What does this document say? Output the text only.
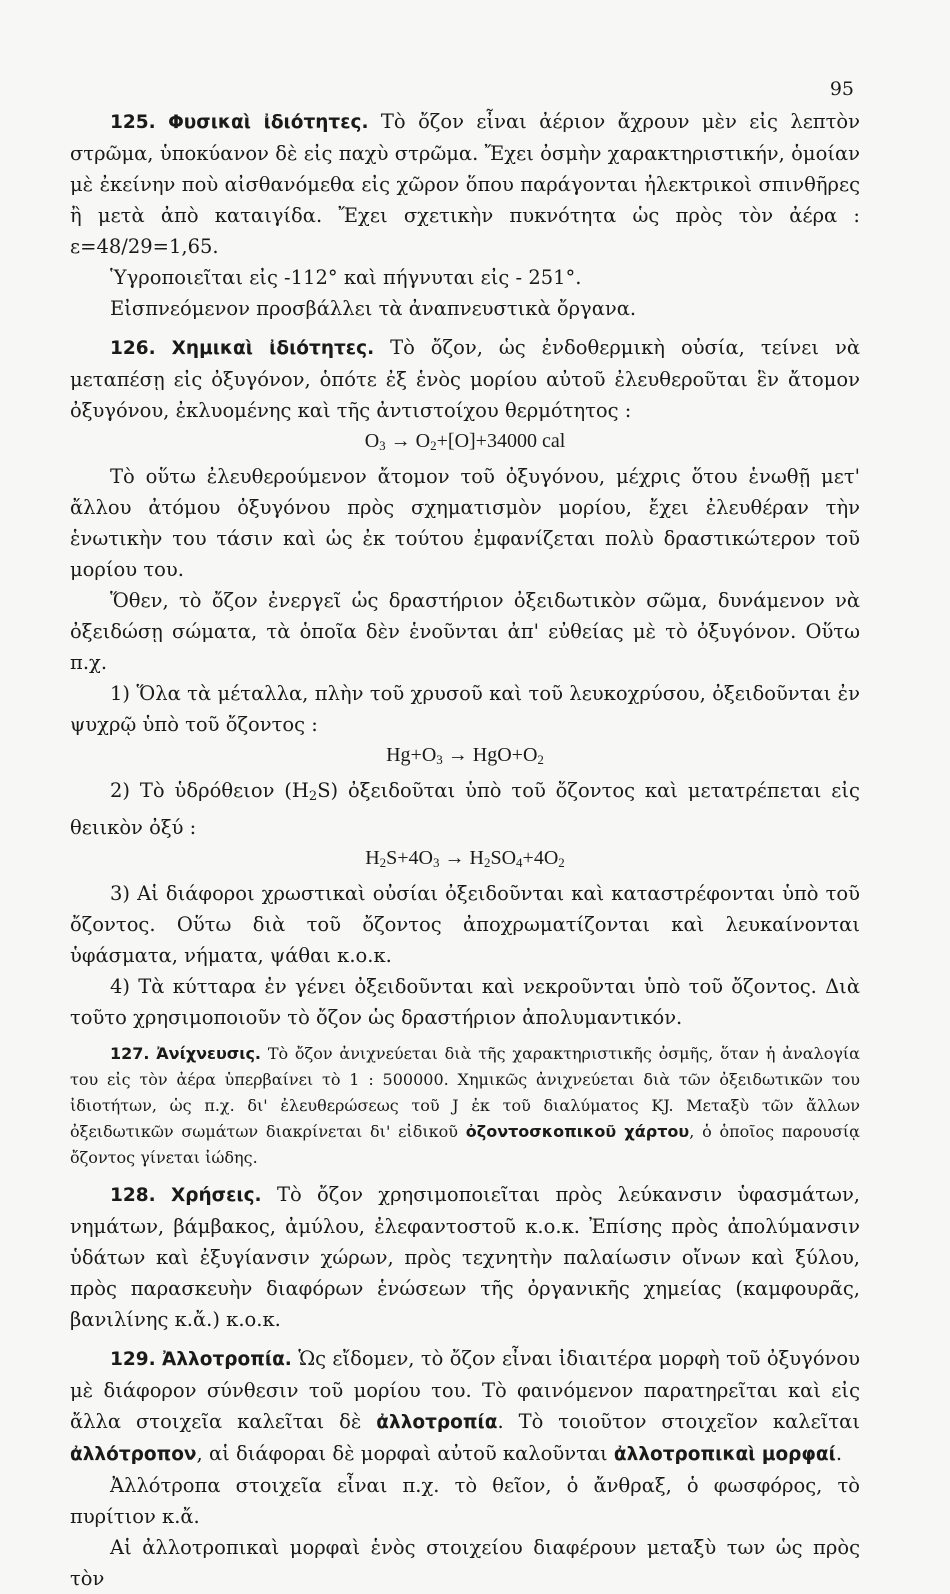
95

125. Φυσικαὶ ἰδιότητες. Τὸ ὄζον εἶναι ἀέριον ἄχρουν μὲν εἰς λεπτὸν στρῶμα, ὑποκύανον δὲ εἰς παχὺ στρῶμα. Ἔχει ὀσμὴν χαρακτηριστικήν, ὁμοίαν μὲ ἐκείνην ποὺ αἰσθανόμεθα εἰς χῶρον ὅπου παράγονται ἠλεκτρικοὶ σπινθῆρες ἢ μετὰ ἀπὸ καταιγίδα. Ἔχει σχετικὴν πυκνότητα ὡς πρὸς τὸν ἀέρα : ε=48/29=1,65.

Ὑγροποιεῖται εἰς -112° καὶ πήγνυται εἰς - 251°.

Εἰσπνεόμενον προσβάλλει τὰ ἀναπνευστικὰ ὄργανα.

126. Χημικαὶ ἰδιότητες. Τὸ ὄζον, ὡς ἐνδοθερμικὴ οὐσία, τείνει νὰ μεταπέσῃ εἰς ὀξυγόνον, ὁπότε ἐξ ἑνὸς μορίου αὐτοῦ ἐλευθεροῦται ἓν ἄτομον ὀξυγόνου, ἐκλυομένης καὶ τῆς ἀντιστοίχου θερμότητος :

$O_3 \to O_2+[O]+34000$ cal

Τὸ οὕτω ἐλευθερούμενον ἄτομον τοῦ ὀξυγόνου, μέχρις ὅτου ἑνωθῇ μετ' ἄλλου ἀτόμου ὀξυγόνου πρὸς σχηματισμὸν μορίου, ἔχει ἐλευθέραν τὴν ἑνωτικὴν του τάσιν καὶ ὡς ἐκ τούτου ἐμφανίζεται πολὺ δραστικώτερον τοῦ μορίου του.

Ὅθεν, τὸ ὄζον ἐνεργεῖ ὡς δραστήριον ὀξειδωτικὸν σῶμα, δυνάμενον νὰ ὀξειδώσῃ σώματα, τὰ ὁποῖα δὲν ἑνοῦνται ἀπ' εὐθείας μὲ τὸ ὀξυγόνον. Οὕτω π.χ.

1) Ὅλα τὰ μέταλλα, πλὴν τοῦ χρυσοῦ καὶ τοῦ λευκοχρύσου, ὀξειδοῦνται ἐν ψυχρῷ ὑπὸ τοῦ ὄζοντος :

$Hg+O_3 \to HgO+O_2$

2) Τὸ ὑδρόθειον $(H_2S)$ ὀξειδοῦται ὑπὸ τοῦ ὄζοντος καὶ μετατρέπεται εἰς θειικὸν ὀξύ :

$H_2S+4O_3 \to H_2SO_4+4O_2$

3) Αἱ διάφοροι χρωστικαὶ οὐσίαι ὀξειδοῦνται καὶ καταστρέφονται ὑπὸ τοῦ ὄζοντος. Οὕτω διὰ τοῦ ὄζοντος ἀποχρωματίζονται καὶ λευκαίνονται ὑφάσματα, νήματα, ψάθαι κ.ο.κ.

4) Τὰ κύτταρα ἐν γένει ὀξειδοῦνται καὶ νεκροῦνται ὑπὸ τοῦ ὄζοντος. Διὰ τοῦτο χρησιμοποιοῦν τὸ ὄζον ὡς δραστήριον ἀπολυμαντικόν.

127. Ἀνίχνευσις. Τὸ ὄζον ἀνιχνεύεται διὰ τῆς χαρακτηριστικῆς ὀσμῆς, ὅταν ἡ ἀναλογία του εἰς τὸν ἀέρα ὑπερβαίνει τὸ 1 : 500000. Χημικῶς ἀνιχνεύεται διὰ τῶν ὀξειδωτικῶν του ἰδιοτήτων, ὡς π.χ. δι' ἐλευθερώσεως τοῦ J ἐκ τοῦ διαλύματος KJ. Μεταξὺ τῶν ἄλλων ὀξειδωτικῶν σωμάτων διακρίνεται δι' εἰδικοῦ ὀζοντοσκοπικοῦ χάρτου, ὁ ὁποῖος παρουσίᾳ ὄζοντος γίνεται ἰώδης.

128. Χρήσεις. Τὸ ὄζον χρησιμοποιεῖται πρὸς λεύκανσιν ὑφασμάτων, νημάτων, βάμβακος, ἀμύλου, ἐλεφαντοστοῦ κ.ο.κ. Ἐπίσης πρὸς ἀπολύμανσιν ὑδάτων καὶ ἐξυγίανσιν χώρων, πρὸς τεχνητὴν παλαίωσιν οἴνων καὶ ξύλου, πρὸς παρασκευὴν διαφόρων ἑνώσεων τῆς ὀργανικῆς χημείας (καμφουρᾶς, βανιλίνης κ.ἄ.) κ.ο.κ.

129. Ἀλλοτροπία. Ὡς εἴδομεν, τὸ ὄζον εἶναι ἰδιαιτέρα μορφὴ τοῦ ὀξυγόνου μὲ διάφορον σύνθεσιν τοῦ μορίου του. Τὸ φαινόμενον παρατηρεῖται καὶ εἰς ἄλλα στοιχεῖα καλεῖται δὲ ἀλλοτροπία. Τὸ τοιοῦτον στοιχεῖον καλεῖται ἀλλότροπον, αἱ διάφοραι δὲ μορφαὶ αὐτοῦ καλοῦνται ἀλλοτροπικαὶ μορφαί.

Ἀλλότροπα στοιχεῖα εἶναι π.χ. τὸ θεῖον, ὁ ἄνθραξ, ὁ φωσφόρος, τὸ πυρίτιον κ.ἄ.

Αἱ ἀλλοτροπικαὶ μορφαὶ ἑνὸς στοιχείου διαφέρουν μεταξὺ των ὡς πρὸς τὸν
